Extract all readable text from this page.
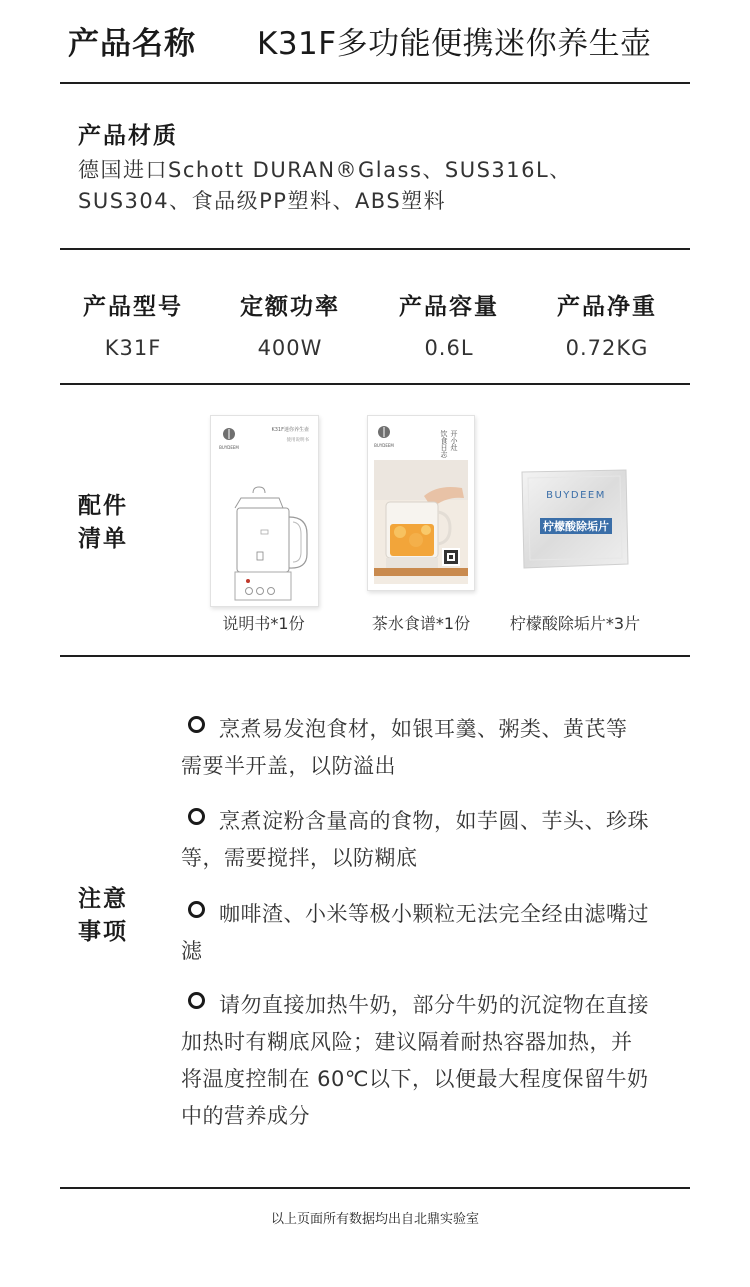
产品名称 K31F多功能便携迷你养生壶
产品材质
德国进口Schott DURAN®Glass、SUS316L、
SUS304、食品级PP塑料、ABS塑料
产品型号
K31F
定额功率
400W
产品容量
0.6L
产品净重
0.72KG
配件
清单
BUYDEEM
K31F迷你养生壶
使用说明书
说明书*1份
BUYDEEM	开小灶
饮食日志
茶水食谱*1份
BUYDEEM
柠檬酸除垢片
柠檬酸除垢片*3片
注意
事项
烹煮易发泡食材，如银耳羹、粥类、黄芪等
需要半开盖，以防溢出
烹煮淀粉含量高的食物，如芋圆、芋头、珍珠
等，需要搅拌，以防糊底
咖啡渣、小米等极小颗粒无法完全经由滤嘴过
滤
请勿直接加热牛奶，部分牛奶的沉淀物在直接
加热时有糊底风险；建议隔着耐热容器加热，并
将温度控制在 60℃以下，以便最大程度保留牛奶
中的营养成分
以上页面所有数据均出自北鼎实验室
